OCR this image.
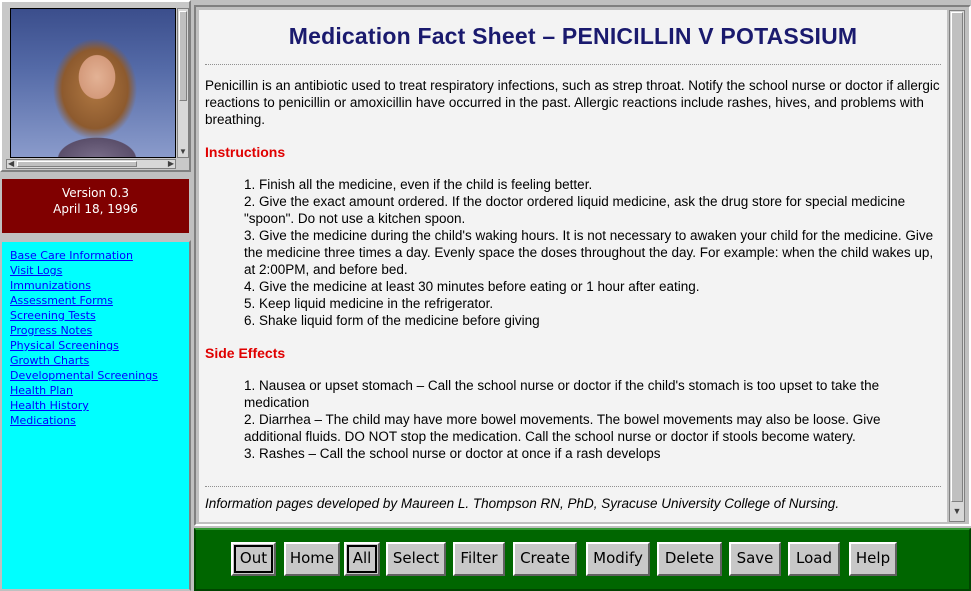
▼
◀	▶
Version 0.3
April 18, 1996
Base Care Information
Visit Logs
Immunizations
Assessment Forms
Screening Tests
Progress Notes
Physical Screenings
Growth Charts
Developmental Screenings
Health Plan
Health History
Medications
Medication Fact Sheet – PENICILLIN V POTASSIUM

Penicillin is an antibiotic used to treat respiratory infections, such as strep throat. Notify the school nurse or doctor if allergic reactions to penicillin or amoxicillin have occurred in the past. Allergic reactions include rashes, hives, and problems with breathing.

Instructions
1. Finish all the medicine, even if the child is feeling better.
2. Give the exact amount ordered. If the doctor ordered liquid medicine, ask the drug store for special medicine "spoon". Do not use a kitchen spoon.
3. Give the medicine during the child's waking hours. It is not necessary to awaken your child for the medicine. Give the medicine three times a day. Evenly space the doses throughout the day. For example: when the child wakes up, at 2:00PM, and before bed.
4. Give the medicine at least 30 minutes before eating or 1 hour after eating.
5. Keep liquid medicine in the refrigerator.
6. Shake liquid form of the medicine before giving
Side Effects
1. Nausea or upset stomach – Call the school nurse or doctor if the child's stomach is too upset to take the medication
2. Diarrhea – The child may have more bowel movements. The bowel movements may also be loose. Give additional fluids. DO NOT stop the medication. Call the school nurse or doctor if stools become watery.
3. Rashes – Call the school nurse or doctor at once if a rash develops
Information pages developed by Maureen L. Thompson RN, PhD, Syracuse University College of Nursing.	▼
Out	Home	All	Select	Filter	Create	Modify	Delete	Save	Load	Help
